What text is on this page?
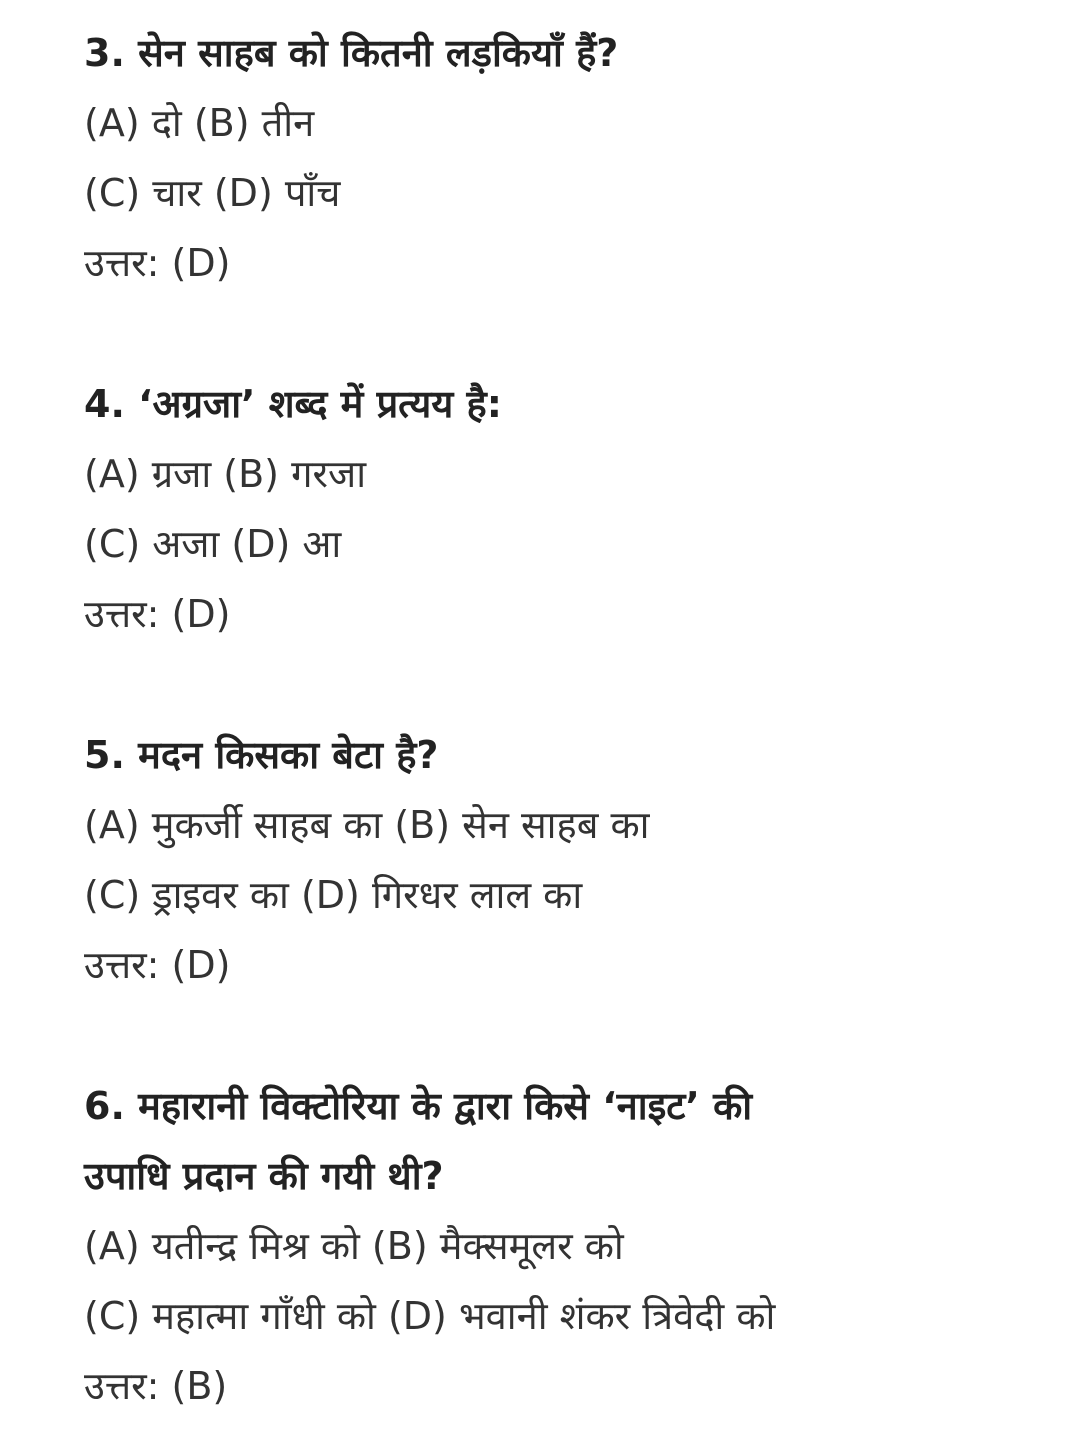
3. सेन साहब को कितनी लड़कियाँ हैं?

(A) दो (B) तीन

(C) चार (D) पाँच

उत्तर: (D)

4. ‘अग्रजा’ शब्द में प्रत्यय है:

(A) ग्रजा (B) गरजा

(C) अजा (D) आ

उत्तर: (D)

5. मदन किसका बेटा है?

(A) मुकर्जी साहब का (B) सेन साहब का

(C) ड्राइवर का (D) गिरधर लाल का

उत्तर: (D)

6. महारानी विक्टोरिया के द्वारा किसे ‘नाइट’ की

उपाधि प्रदान की गयी थी?

(A) यतीन्द्र मिश्र को (B) मैक्समूलर को

(C) महात्मा गाँधी को (D) भवानी शंकर त्रिवेदी को

उत्तर: (B)
